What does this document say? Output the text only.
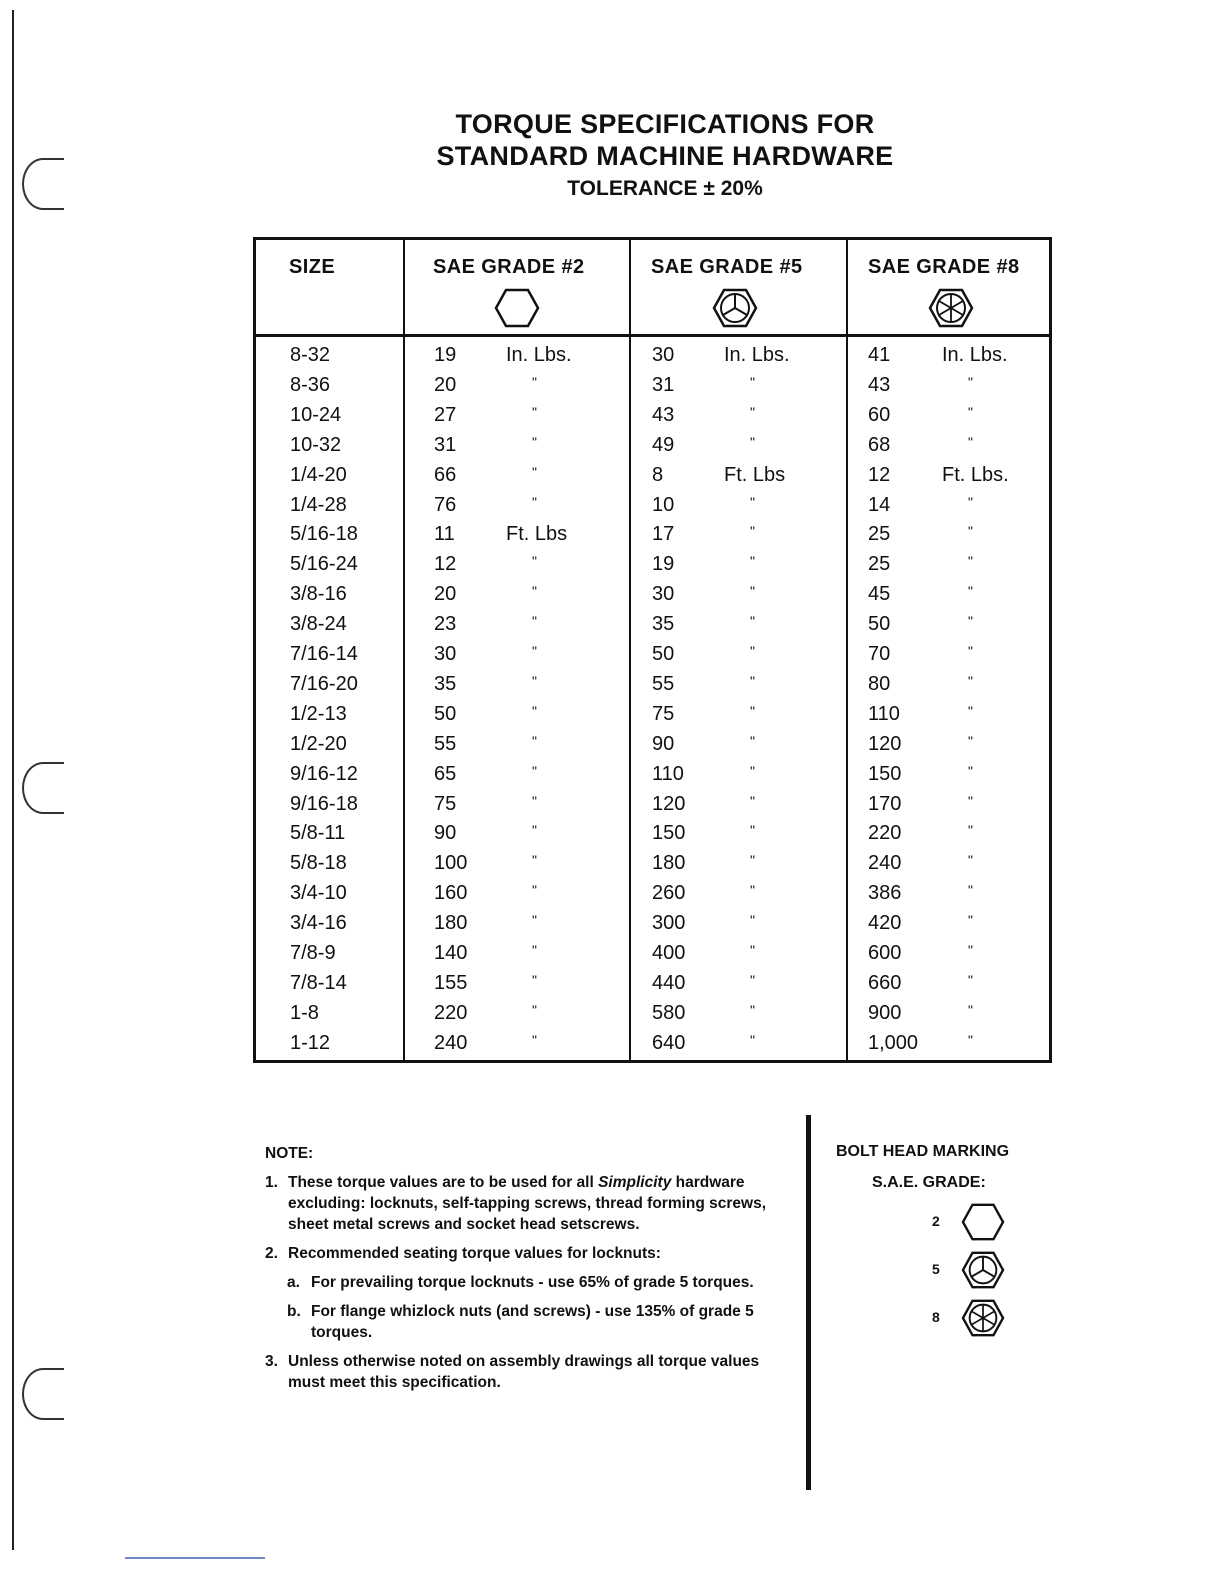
TORQUE SPECIFICATIONS FOR
STANDARD MACHINE HARDWARE
TOLERANCE ± 20%
SIZE	SAE GRADE #2	SAE GRADE #5	SAE GRADE #8
8-32	19 In. Lbs.	30 In. Lbs.	41	In. Lbs.
8-36	20	"	31	"	43	"
10-24	27	"	43	"	60	"
10-32	31	"	49	"	68	"
1/4-20	66	"	8	Ft. Lbs	12	Ft. Lbs.
1/4-28	76	"	10	"	14	"
5/16-18	11	Ft. Lbs	17	"	25	"
5/16-24	12	"	19	"	25	"
3/8-16	20	"	30	"	45	"
3/8-24	23	"	35	"	50	"
7/16-14	30	"	50	"	70	"
7/16-20	35	"	55	"	80	"
1/2-13	50	"	75	"	110	"
1/2-20	55	"	90	"	120	"
9/16-12	65	"	110	"	150	"
9/16-18	75	"	120	"	170	"
5/8-11	90	"	150	"	220	"
5/8-18	100	"	180	"	240	"
3/4-10	160	"	260	"	386	"
3/4-16	180	"	300	"	420	"
7/8-9	140	"	400	"	600	"
7/8-14	155	"	440	"	660	"
1-8	220	"	580	"	900	"
1-12	240	"	640	"	1,000	"
NOTE:
1. These torque values are to be used for all Simplicity hardware excluding: locknuts, self-tapping screws, thread forming screws, sheet metal screws and socket head setscrews.
2. Recommended seating torque values for locknuts:
a. For prevailing torque locknuts - use 65% of grade 5 torques.
b. For flange whizlock nuts (and screws) - use 135% of grade 5 torques.
3. Unless otherwise noted on assembly drawings all torque values must meet this specification.
BOLT HEAD MARKING
S.A.E. GRADE:
2
5
8
